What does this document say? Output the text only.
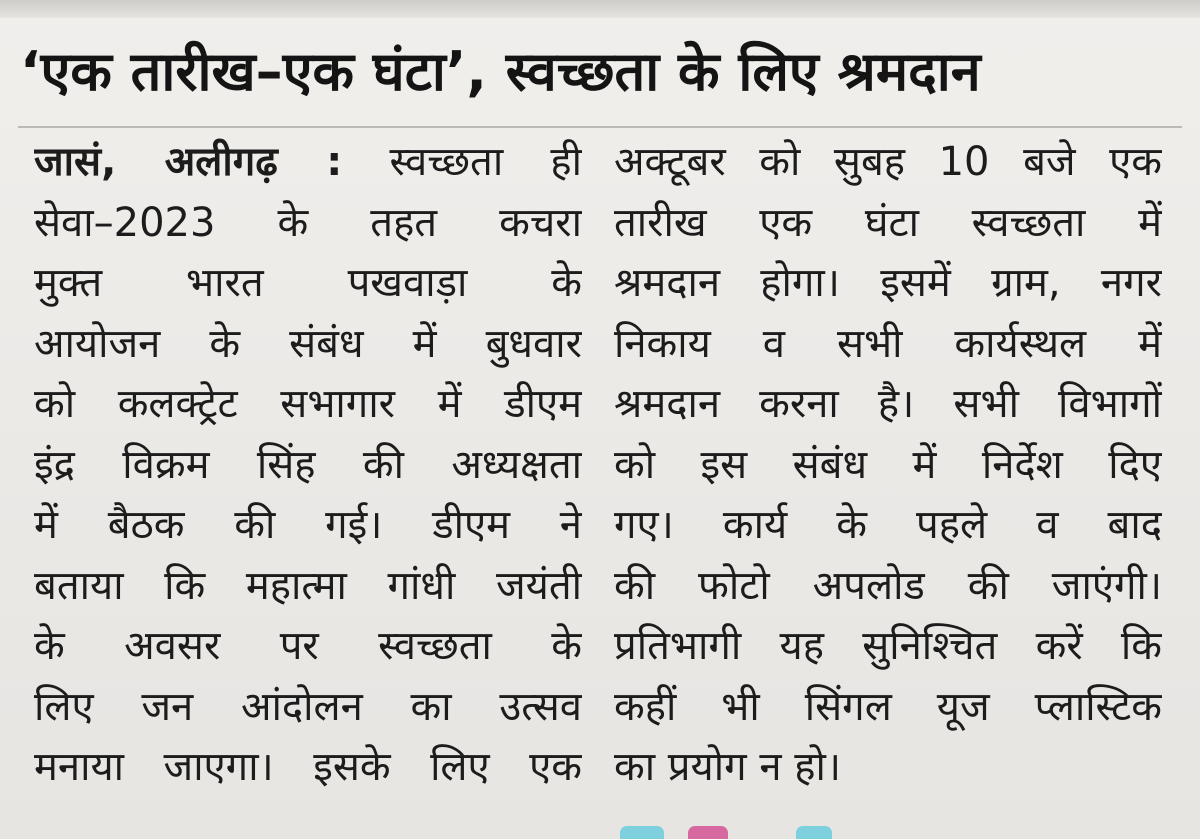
‘एक तारीख–एक घंटा’, स्वच्छता के लिए श्रमदान
जासं, अलीगढ़ : स्वच्छता ही
सेवा–2023 के तहत कचरा
मुक्त भारत पखवाड़ा के
आयोजन के संबंध में बुधवार
को कलक्ट्रेट सभागार में डीएम
इंद्र विक्रम सिंह की अध्यक्षता
में बैठक की गई। डीएम ने
बताया कि महात्मा गांधी जयंती
के अवसर पर स्वच्छता के
लिए जन आंदोलन का उत्सव
मनाया जाएगा। इसके लिए एक
अक्टूबर को सुबह 10 बजे एक
तारीख एक घंटा स्वच्छता में
श्रमदान होगा। इसमें ग्राम, नगर
निकाय व सभी कार्यस्थल में
श्रमदान करना है। सभी विभागों
को इस संबंध में निर्देश दिए
गए। कार्य के पहले व बाद
की फोटो अपलोड की जाएंगी।
प्रतिभागी यह सुनिश्चित करें कि
कहीं भी सिंगल यूज प्लास्टिक
का प्रयोग न हो।
